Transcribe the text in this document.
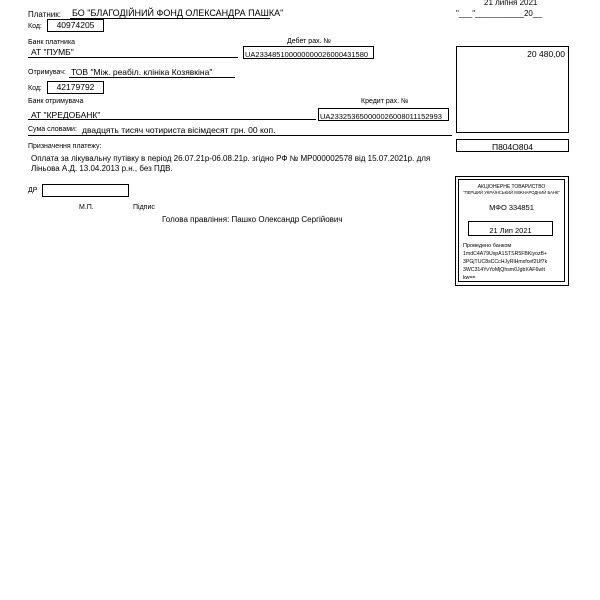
21 липня 2021
"___"___________20__
Платник: БО "БЛАГОДІЙНИЙ ФОНД ОЛЕКСАНДРА ПАШКА"
Код:	40974205
Банк платника	Дебет рах. №
АТ "ПУМБ"	UA233485100000000026000431580	20 480,00
Отримувач: ТОВ "Між. реабіл. клініка Козявкіна"
Код:	42179792
Банк отримувача	Кредит рах. №
АТ "КРЕДОБАНК"	UA233253650000026008011152993
Сума словами: двадцять тисяч чотириста вісімдесят грн. 00 коп.
Призначення платежу:	П804О804
Оплата за лікувальну путівку в період 26.07.21р-06.08.21р. згідно РФ № МР000002578 від 15.07.2021р. для
Ліньова А.Д. 13.04.2013 р.н., без ПДВ.
ДР
М.П.	Підпис
Голова правління: Пашко Олександр Сергійович
АКЦІОНЕРНЕ ТОВАРИСТВО
"ПЕРШИЙ УКРАЇНСЬКИЙ МІЖНАРОДНИЙ БАНК"
МФО 334851
21 Лип 2021
Проведено банком
1mdC4A79UxpA1STSR5FBKiyozB+
3PGjTUC8sCCcHJyRlHmxfcef2Uf7k
3WC314YvYoMjQhsm0JgbXAF6wIt
kw==
